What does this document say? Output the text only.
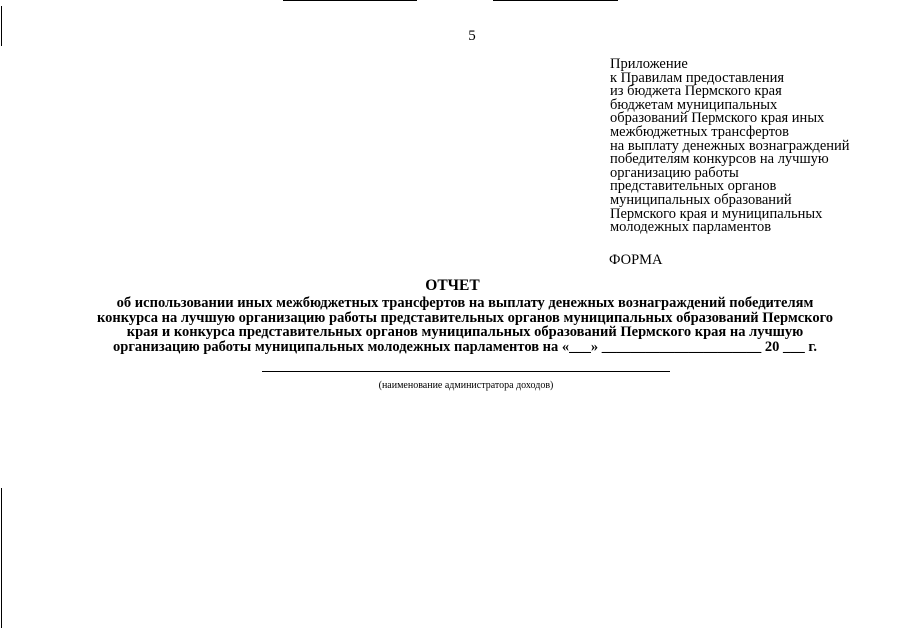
5
Приложение
к Правилам предоставления
из бюджета Пермского края
бюджетам муниципальных
образований Пермского края иных
межбюджетных трансфертов
на выплату денежных вознаграждений
победителям конкурсов на лучшую
организацию работы
представительных органов
муниципальных образований
Пермского края и муниципальных
молодежных парламентов
ФОРМА
ОТЧЕТ
об использовании иных межбюджетных трансфертов на выплату денежных вознаграждений победителям
конкурса на лучшую организацию работы представительных органов муниципальных образований Пермского
края и конкурса представительных органов муниципальных образований Пермского края на лучшую
организацию работы муниципальных молодежных парламентов на «___» ______________________ 20 ___ г.
(наименование администратора доходов)
